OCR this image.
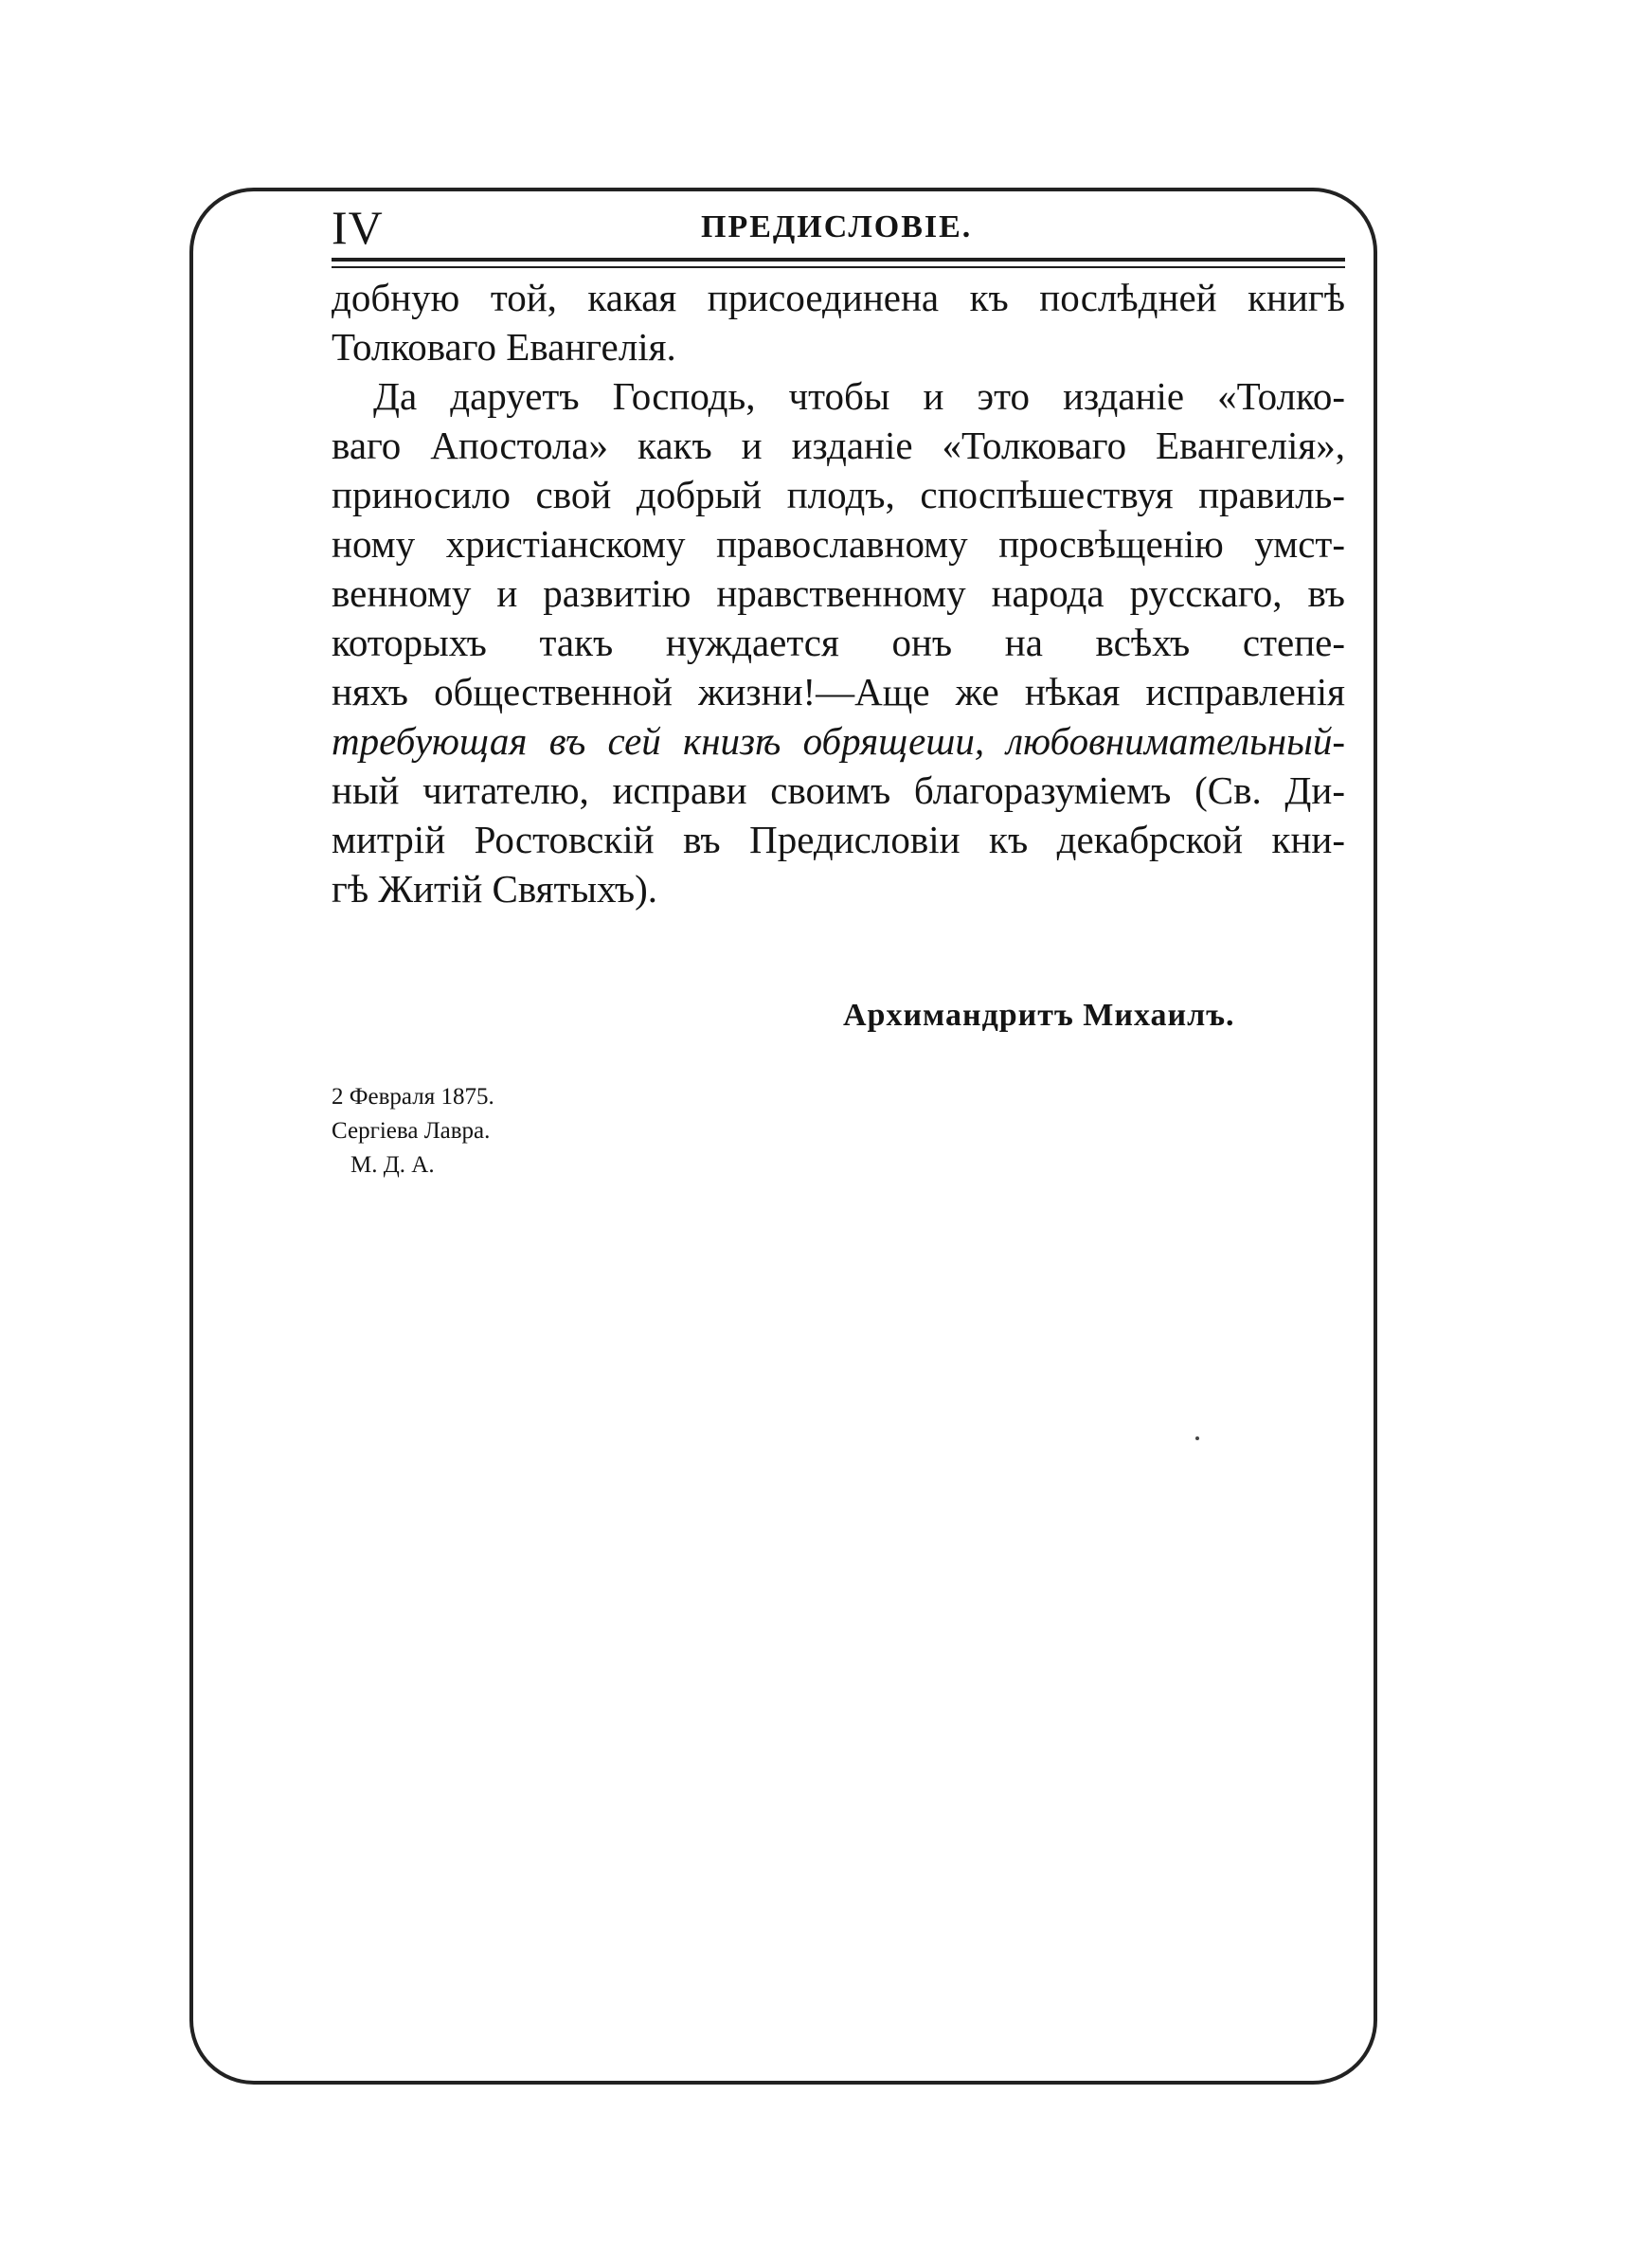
IV	ПРЕДИСЛОВІЕ.
добную той, какая присоединена къ послѣдней книгѣ
Толковаго Евангелія.
Да даруетъ Господь, чтобы и это изданіе «Толко-
ваго Апостола» какъ и изданіе «Толковаго Евангелія»,
приносило свой добрый плодъ, споспѣшествуя правиль-
ному христіанскому православному просвѣщенію умст-
венному и развитію нравственному народа русскаго, въ
которыхъ такъ нуждается онъ на всѣхъ степе-
няхъ общественной жизни!—Аще же нѣкая исправленія
требующая въ сей книзѣ обрящеши, любовнимательный-
ный читателю, исправи своимъ благоразуміемъ (Св. Ди-
митрій Ростовскій въ Предисловіи къ декабрской кни-
гѣ Житій Святыхъ).
Архимандритъ Михаилъ.
2 Февраля 1875.
Сергіева Лавра.
М. Д. А.
